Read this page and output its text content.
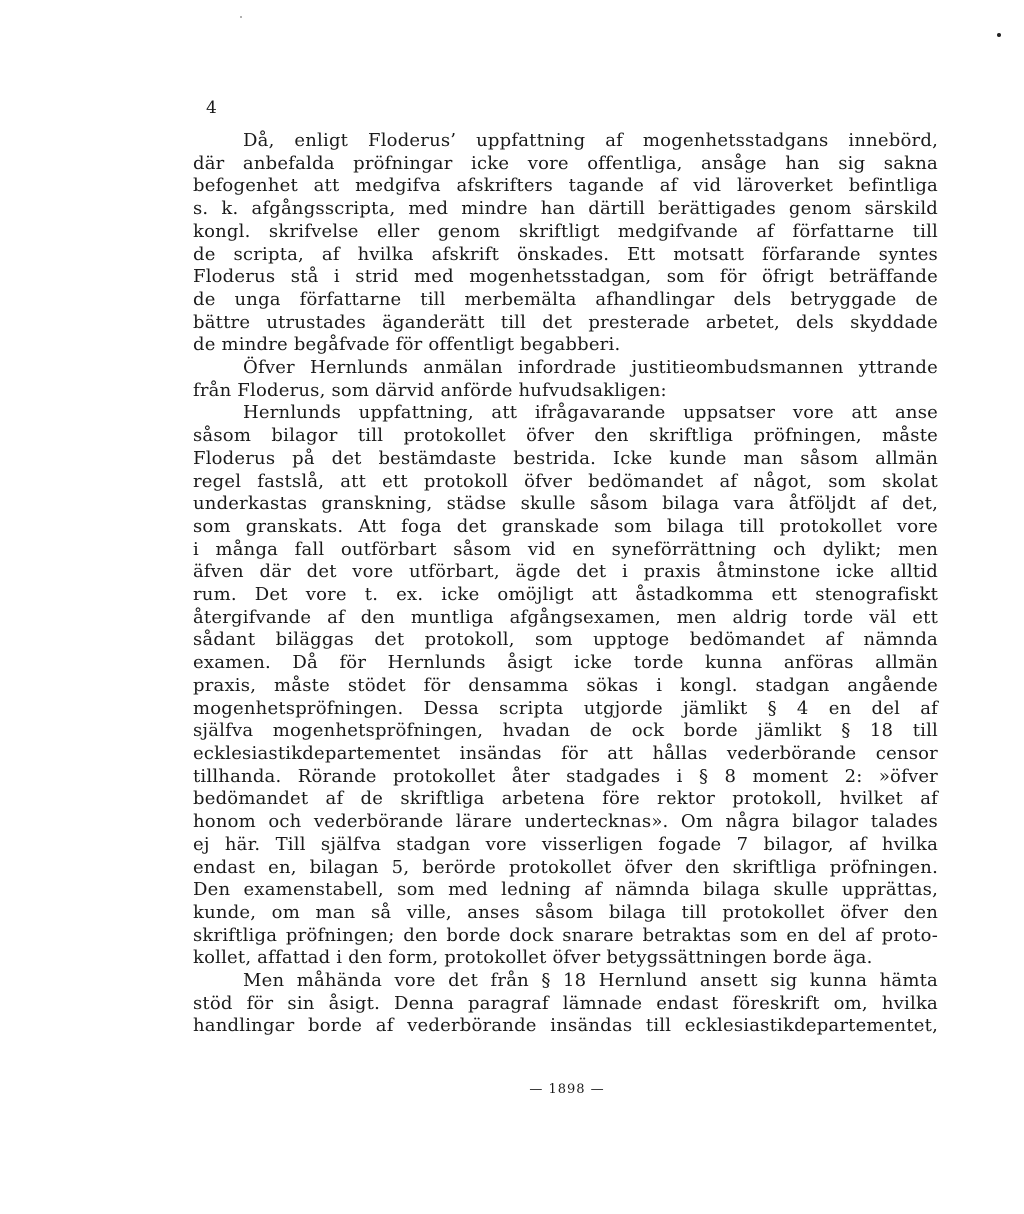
4

Då, enligt Floderus’ uppfattning af mogenhetsstadgans innebörd,
där anbefalda pröfningar icke vore offentliga, ansåge han sig sakna
befogenhet att medgifva afskrifters tagande af vid läroverket befintliga
s. k. afgångsscripta, med mindre han därtill berättigades genom särskild
kongl. skrifvelse eller genom skriftligt medgifvande af författarne till
de scripta, af hvilka afskrift önskades. Ett motsatt förfarande syntes
Floderus stå i strid med mogenhetsstadgan, som för öfrigt beträffande
de unga författarne till merbemälta afhandlingar dels betryggade de
bättre utrustades äganderätt till det presterade arbetet, dels skyddade
de mindre begåfvade för offentligt begabberi.
Öfver Hernlunds anmälan infordrade justitieombudsmannen yttrande
från Floderus, som därvid anförde hufvudsakligen:
Hernlunds uppfattning, att ifrågavarande uppsatser vore att anse
såsom bilagor till protokollet öfver den skriftliga pröfningen, måste
Floderus på det bestämdaste bestrida. Icke kunde man såsom allmän
regel fastslå, att ett protokoll öfver bedömandet af något, som skolat
underkastas granskning, städse skulle såsom bilaga vara åtföljdt af det,
som granskats. Att foga det granskade som bilaga till protokollet vore
i många fall outförbart såsom vid en syneförrättning och dylikt; men
äfven där det vore utförbart, ägde det i praxis åtminstone icke alltid
rum. Det vore t. ex. icke omöjligt att åstadkomma ett stenografiskt
återgifvande af den muntliga afgångsexamen, men aldrig torde väl ett
sådant biläggas det protokoll, som upptoge bedömandet af nämnda
examen. Då för Hernlunds åsigt icke torde kunna anföras allmän
praxis, måste stödet för densamma sökas i kongl. stadgan angående
mogenhetspröfningen. Dessa scripta utgjorde jämlikt § 4 en del af
själfva mogenhetspröfningen, hvadan de ock borde jämlikt § 18 till
ecklesiastikdepartementet insändas för att hållas vederbörande censor
tillhanda. Rörande protokollet åter stadgades i § 8 moment 2: »öfver
bedömandet af de skriftliga arbetena före rektor protokoll, hvilket af
honom och vederbörande lärare undertecknas». Om några bilagor talades
ej här. Till själfva stadgan vore visserligen fogade 7 bilagor, af hvilka
endast en, bilagan 5, berörde protokollet öfver den skriftliga pröfningen.
Den examenstabell, som med ledning af nämnda bilaga skulle upprättas,
kunde, om man så ville, anses såsom bilaga till protokollet öfver den
skriftliga pröfningen; den borde dock snarare betraktas som en del af proto-
kollet, affattad i den form, protokollet öfver betygssättningen borde äga.
Men måhända vore det från § 18 Hernlund ansett sig kunna hämta
stöd för sin åsigt. Denna paragraf lämnade endast föreskrift om, hvilka
handlingar borde af vederbörande insändas till ecklesiastikdepartementet,
— 1898 —
